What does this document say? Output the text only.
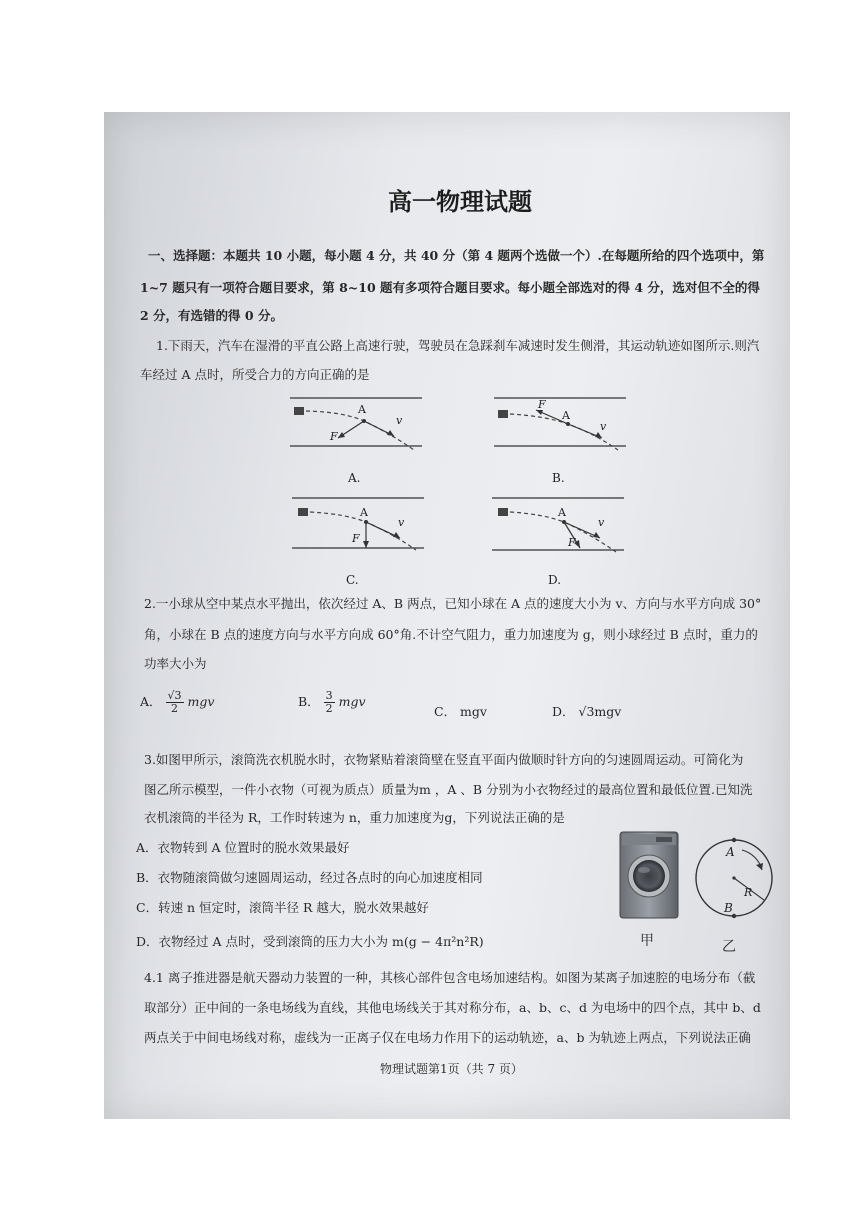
高一物理试题
一、选择题：本题共 10 小题，每小题 4 分，共 40 分（第 4 题两个选做一个）.在每题所给的四个选项中，第
1~7 题只有一项符合题目要求，第 8~10 题有多项符合题目要求。每小题全部选对的得 4 分，选对但不全的得
2 分，有选错的得 0 分。
1.下雨天，汽车在湿滑的平直公路上高速行驶，驾驶员在急踩刹车减速时发生侧滑，其运动轨迹如图所示.则汽
车经过 A 点时，所受合力的方向正确的是
A
F
v
A.
A
F
v
B.
A
F
v
C.
A
F
v
D.
2.一小球从空中某点水平抛出，依次经过 A、B 两点，已知小球在 A 点的速度大小为 v、方向与水平方向成 30°
角，小球在 B 点的速度方向与水平方向成 60°角.不计空气阻力，重力加速度为 g，则小球经过 B 点时，重力的
功率大小为
A． $\frac{√3}{2}$ mgv	B． $\frac{3}{2}$ mgv
C． mgv	D． √3mgv
3.如图甲所示，滚筒洗衣机脱水时，衣物紧贴着滚筒壁在竖直平面内做顺时针方向的匀速圆周运动。可简化为
图乙所示模型，一件小衣物（可视为质点）质量为m ，A 、B 分别为小衣物经过的最高位置和最低位置.已知洗
衣机滚筒的半径为 R，工作时转速为 n，重力加速度为g，下列说法正确的是
A．衣物转到 A 位置时的脱水效果最好
B．衣物随滚筒做匀速圆周运动，经过各点时的向心加速度相同
C．转速 n 恒定时，滚筒半径 R 越大，脱水效果越好
D．衣物经过 A 点时，受到滚筒的压力大小为 m(g − 4π²n²R)	甲
A
B
R
乙
4.1 离子推进器是航天器动力装置的一种，其核心部件包含电场加速结构。如图为某离子加速腔的电场分布（截
取部分）正中间的一条电场线为直线，其他电场线关于其对称分布，a、b、c、d 为电场中的四个点，其中 b、d
两点关于中间电场线对称，虚线为一正离子仅在电场力作用下的运动轨迹，a、b 为轨迹上两点，下列说法正确
物理试题第1页（共 7 页）
